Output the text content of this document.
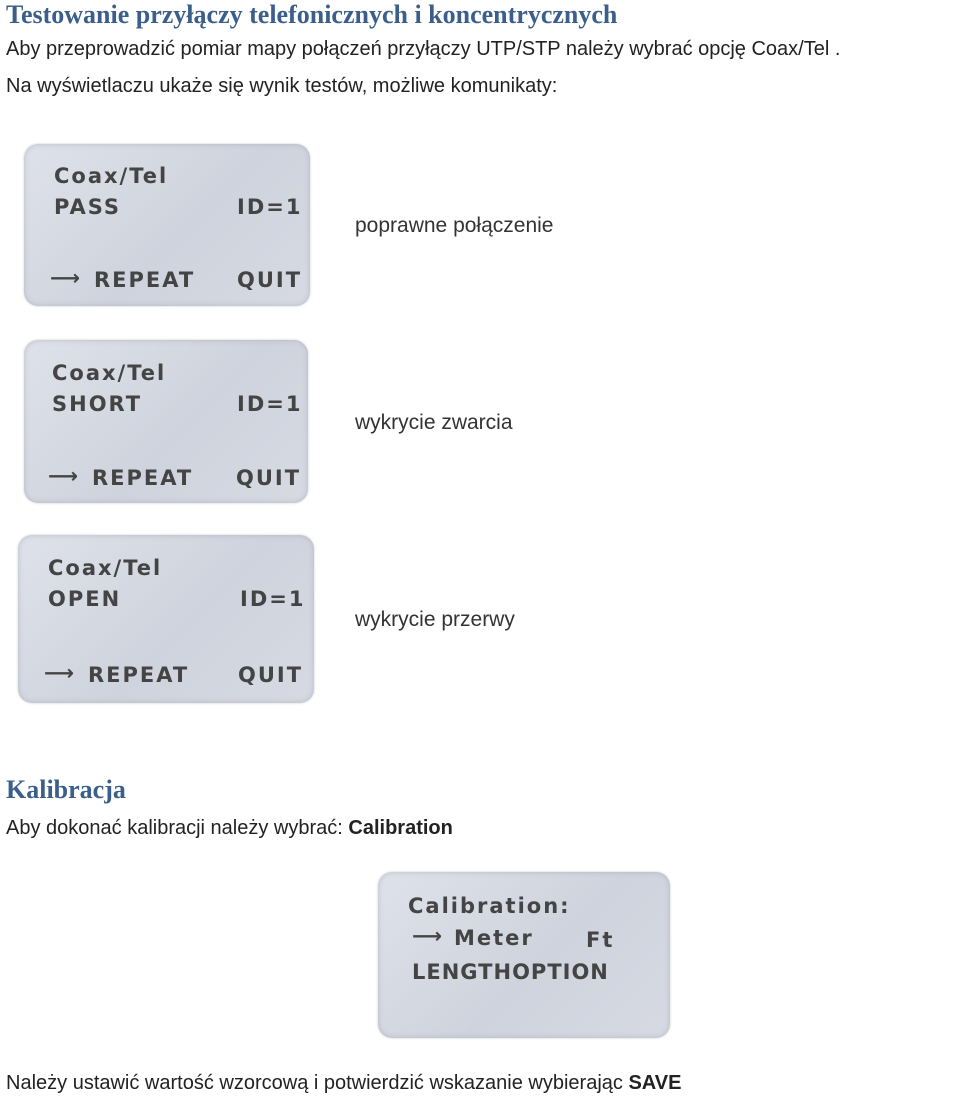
Testowanie przyłączy telefonicznych i koncentrycznych

Aby przeprowadzić pomiar mapy połączeń przyłączy UTP/STP należy wybrać opcję Coax/Tel .

Na wyświetlaczu ukaże się wynik testów, możliwe komunikaty:

Coax/Tel
PASS	ID=1
⟶ REPEAT QUIT
poprawne połączenie
Coax/Tel
SHORT	ID=1
⟶ REPEAT QUIT
wykrycie zwarcia
Coax/Tel
OPEN	ID=1
⟶ REPEAT QUIT
wykrycie przerwy
Kalibracja

Aby dokonać kalibracji należy wybrać: Calibration

Calibration:
⟶ Meter Ft
LENGTHOPTION

Należy ustawić wartość wzorcową i potwierdzić wskazanie wybierając SAVE
